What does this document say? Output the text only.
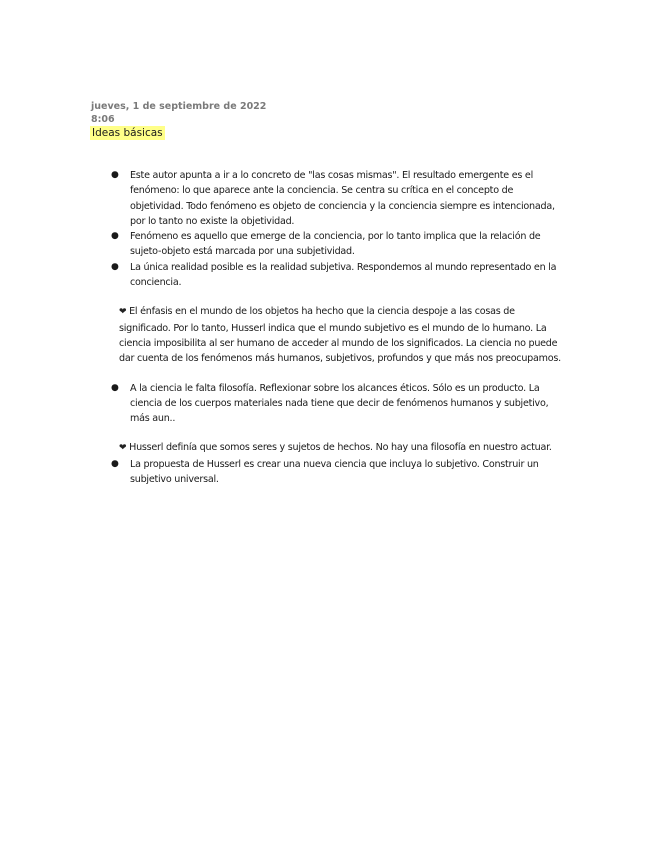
jueves, 1 de septiembre de 2022
8:06
Ideas básicas
● Este autor apunta a ir a lo concreto de "las cosas mismas". El resultado emergente es el fenómeno: lo que aparece ante la conciencia. Se centra su crítica en el concepto de objetividad. Todo fenómeno es objeto de conciencia y la conciencia siempre es intencionada, por lo tanto no existe la objetividad.
● Fenómeno es aquello que emerge de la conciencia, por lo tanto implica que la relación de sujeto-objeto está marcada por una subjetividad.
● La única realidad posible es la realidad subjetiva. Respondemos al mundo representado en la conciencia.
❤ El énfasis en el mundo de los objetos ha hecho que la ciencia despoje a las cosas de significado. Por lo tanto, Husserl indica que el mundo subjetivo es el mundo de lo humano. La ciencia imposibilita al ser humano de acceder al mundo de los significados. La ciencia no puede dar cuenta de los fenómenos más humanos, subjetivos, profundos y que más nos preocupamos.
● A la ciencia le falta filosofía. Reflexionar sobre los alcances éticos. Sólo es un producto. La ciencia de los cuerpos materiales nada tiene que decir de fenómenos humanos y subjetivo, más aun..
❤ Husserl definía que somos seres y sujetos de hechos. No hay una filosofía en nuestro actuar.
● La propuesta de Husserl es crear una nueva ciencia que incluya lo subjetivo. Construir un subjetivo universal.
